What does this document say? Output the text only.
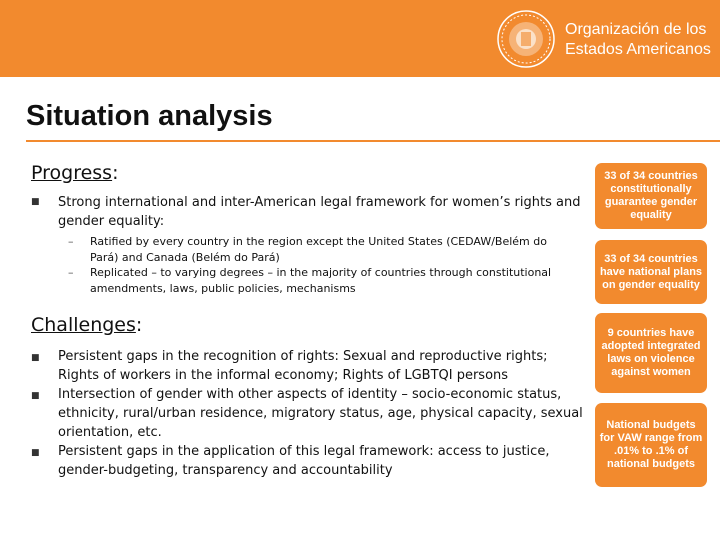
Organización de los
Estados Americanos
Situation analysis
Progress:
■ Strong international and inter-American legal framework for women’s rights and gender equality:
– Ratified by every country in the region except the United States (CEDAW/Belém do Pará) and Canada (Belém do Pará)
– Replicated – to varying degrees – in the majority of countries through constitutional amendments, laws, public policies, mechanisms
Challenges:
■ Persistent gaps in the recognition of rights: Sexual and reproductive rights; Rights of workers in the informal economy; Rights of LGBTQI persons
■ Intersection of gender with other aspects of identity – socio-economic status, ethnicity, rural/urban residence, migratory status, age, physical capacity, sexual orientation, etc.
■ Persistent gaps in the application of this legal framework: access to justice, gender-budgeting, transparency and accountability
33 of 34 countries constitutionally guarantee gender equality
33 of 34 countries have national plans on gender equality
9 countries have adopted integrated laws on violence against women
National budgets for VAW range from .01% to .1% of national budgets
